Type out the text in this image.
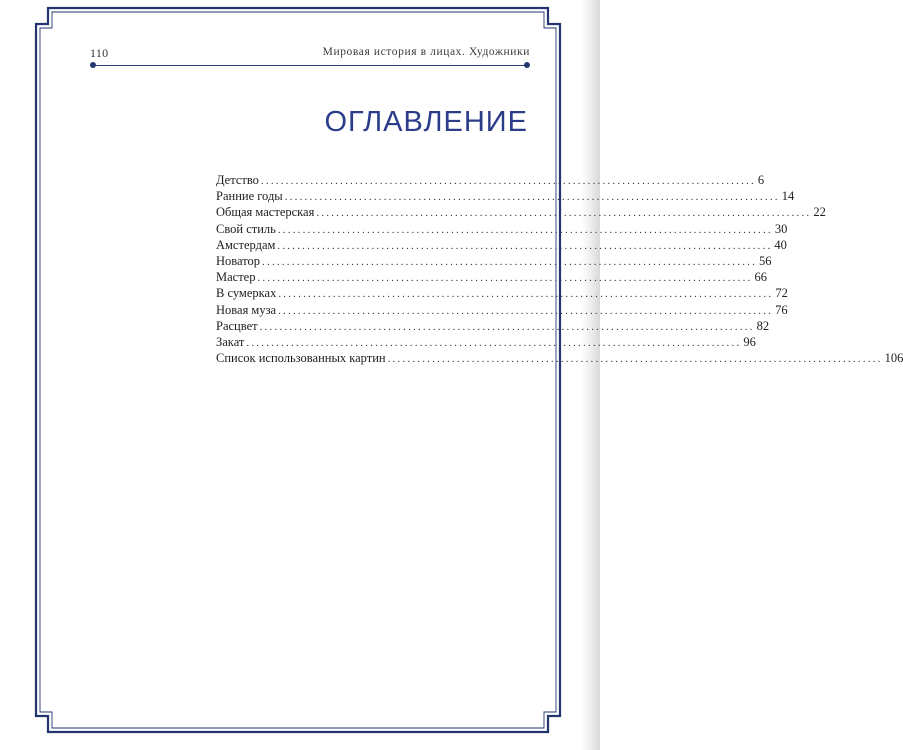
110	Мировая история в лицах. Художники
ОГЛАВЛЕНИЕ
Детство .................................................................................................... 6
Ранние годы .................................................................................................... 14
Общая мастерская .................................................................................................... 22
Свой стиль .................................................................................................... 30
Амстердам .................................................................................................... 40
Новатор .................................................................................................... 56
Мастер .................................................................................................... 66
В сумерках .................................................................................................... 72
Новая муза .................................................................................................... 76
Расцвет .................................................................................................... 82
Закат .................................................................................................... 96
Список использованных картин .................................................................................................... 106
